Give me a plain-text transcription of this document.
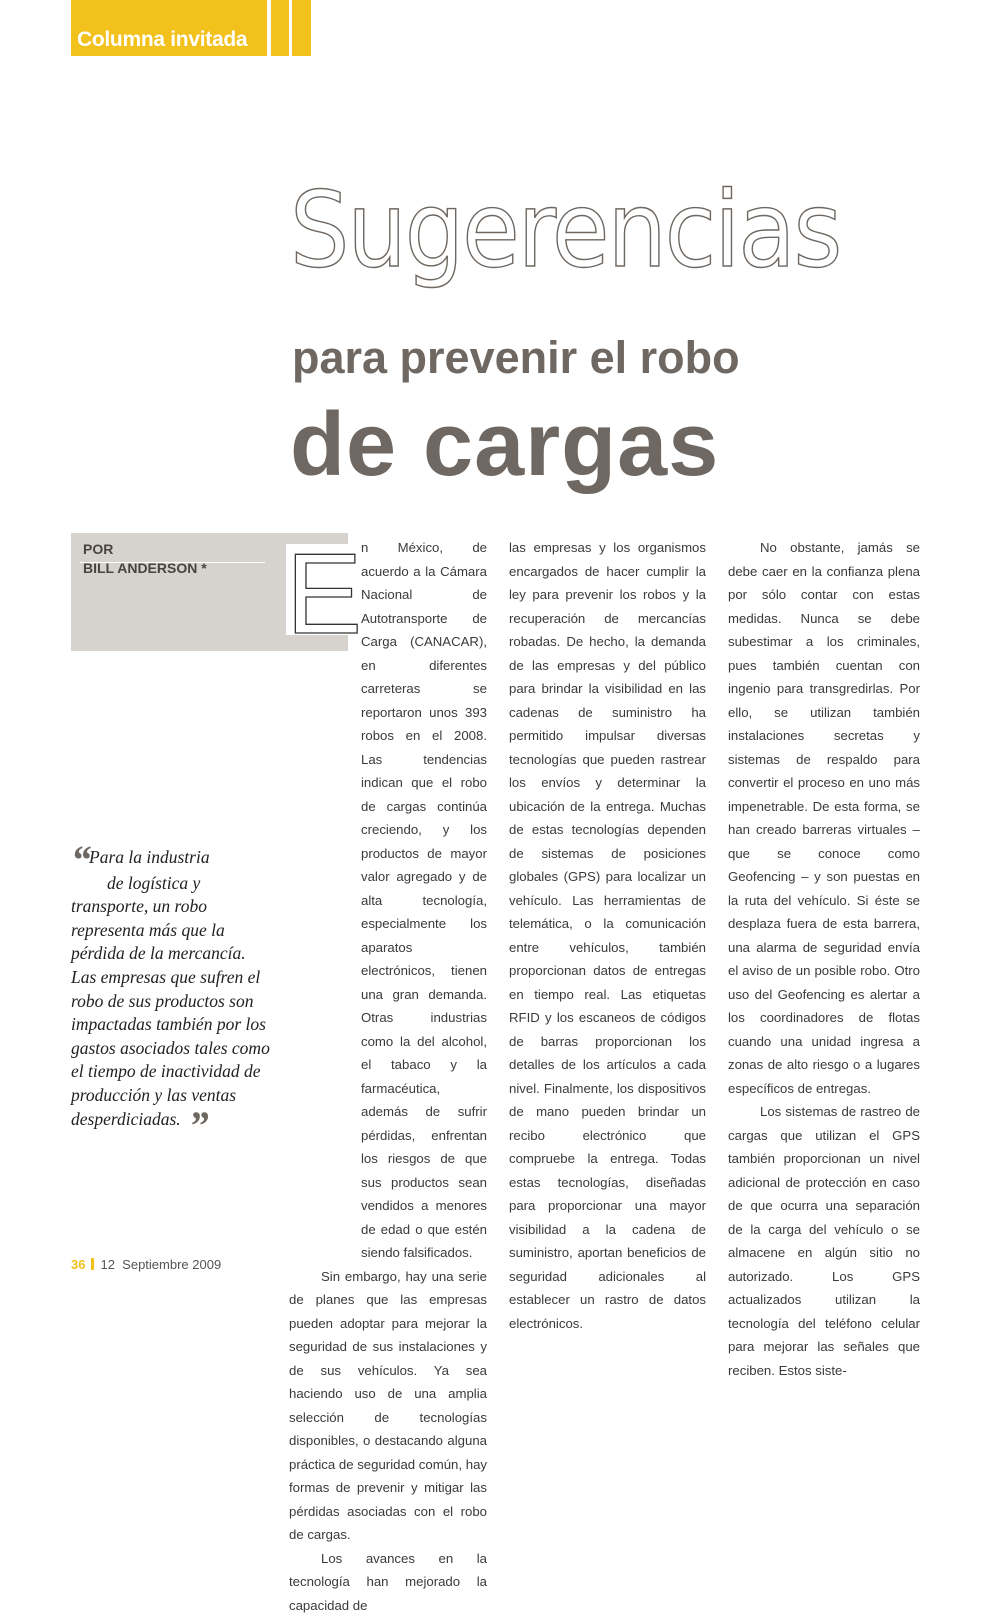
Columna invitada
Sugerencias
para prevenir el robo
de cargas
POR
BILL ANDERSON *

n México, de acuerdo a la Cámara Nacional de Autotransporte de Carga (CANACAR), en diferentes carreteras se reportaron unos 393 robos en el 2008. Las tendencias indican que el robo de cargas continúa creciendo, y los productos de mayor valor agregado y de alta tecnología, especialmente los aparatos electrónicos, tienen una gran demanda. Otras industrias como la del alcohol, el tabaco y la farmacéutica, además de sufrir pérdidas, enfrentan los riesgos de que sus productos sean vendidos a menores de edad o que estén siendo falsificados.

Sin embargo, hay una serie de planes que las empresas pueden adoptar para mejorar la seguridad de sus instalaciones y de sus vehículos. Ya sea haciendo uso de una amplia selección de tecnologías disponibles, o destacando alguna práctica de seguridad común, hay formas de prevenir y mitigar las pérdidas asociadas con el robo de cargas.

Los avances en la tecnología han mejorado la capacidad de

E	las empresas y los organismos encargados de hacer cumplir la ley para prevenir los robos y la recuperación de mercancías robadas. De hecho, la demanda de las empresas y del público para brindar la visibilidad en las cadenas de suministro ha permitido impulsar diversas tecnologías que pueden rastrear los envíos y determinar la ubicación de la entrega. Muchas de estas tecnologías dependen de sistemas de posiciones globales (GPS) para localizar un vehículo. Las herramientas de telemática, o la comunicación entre vehículos, también proporcionan datos de entregas en tiempo real. Las etiquetas RFID y los escaneos de códigos de barras proporcionan los detalles de los artículos a cada nivel. Finalmente, los dispositivos de mano pueden brindar un recibo electrónico que compruebe la entrega. Todas estas tecnologías, diseñadas para proporcionar una mayor visibilidad a la cadena de suministro, aportan beneficios de seguridad adicionales al establecer un rastro de datos electrónicos.

No obstante, jamás se debe caer en la confianza plena por sólo contar con estas medidas. Nunca se debe subestimar a los criminales, pues también cuentan con ingenio para transgredirlas. Por ello, se utilizan también instalaciones secretas y sistemas de respaldo para convertir el proceso en uno más impenetrable. De esta forma, se han creado barreras virtuales – que se conoce como Geofencing – y son puestas en la ruta del vehículo. Si éste se desplaza fuera de esta barrera, una alarma de seguridad envía el aviso de un posible robo. Otro uso del Geofencing es alertar a los coordinadores de flotas cuando una unidad ingresa a zonas de alto riesgo o a lugares específicos de entregas.

Los sistemas de rastreo de cargas que utilizan el GPS también proporcionan un nivel adicional de protección en caso de que ocurra una separación de la carga del vehículo o se almacene en algún sitio no autorizado. Los GPS actualizados utilizan la tecnología del teléfono celular para mejorar las señales que reciben. Estos siste-

“ Para la industria
de logística y
transporte, un robo representa más que la pérdida de la mercancía. Las empresas que sufren el robo de sus productos son impactadas también por los gastos asociados tales como el tiempo de inactividad de producción y las ventas desperdiciadas. ”
36 12 Septiembre 2009
